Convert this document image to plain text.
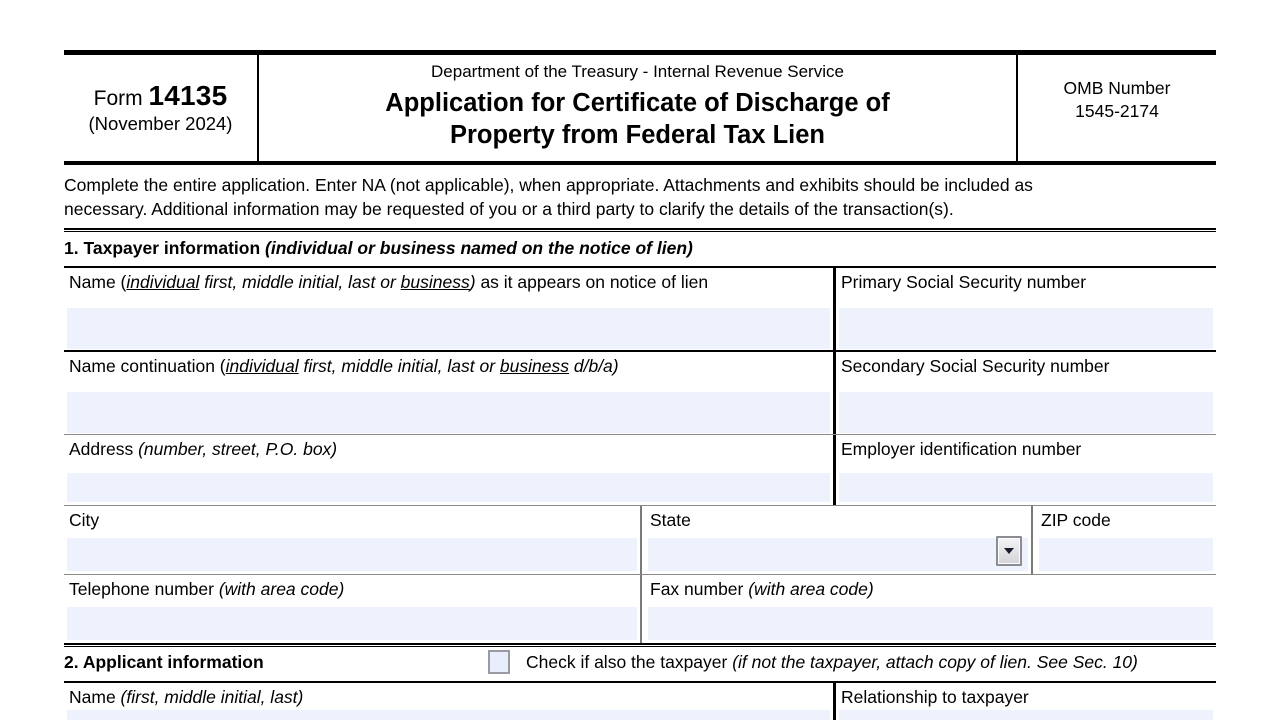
Form 14135
(November 2024)
Department of the Treasury - Internal Revenue Service
Application for Certificate of Discharge of
Property from Federal Tax Lien
OMB Number
1545-2174
Complete the entire application. Enter NA (not applicable), when appropriate. Attachments and exhibits should be included as
necessary. Additional information may be requested of you or a third party to clarify the details of the transaction(s).
1. Taxpayer information (individual or business named on the notice of lien)
Name (individual first, middle initial, last or business) as it appears on notice of lien	Primary Social Security number
Name continuation (individual first, middle initial, last or business d/b/a)	Secondary Social Security number
Address (number, street, P.O. box)	Employer identification number
City	State	ZIP code
Telephone number (with area code)	Fax number (with area code)
2. Applicant information	Check if also the taxpayer (if not the taxpayer, attach copy of lien. See Sec. 10)
Name (first, middle initial, last)	Relationship to taxpayer
